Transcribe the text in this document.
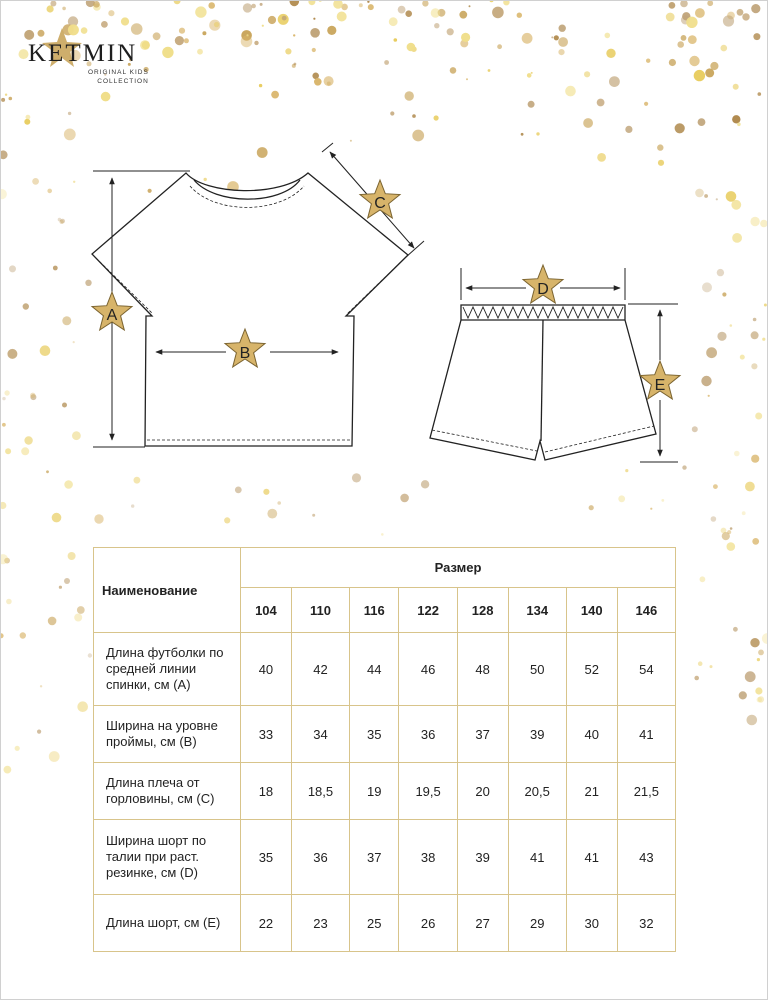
KETMIN
ORIGINAL KIDS
COLLECTION
A
B
C
D
E
Наименование	Размер							
	104	110	116	122	128	134	140	146
Длина футболки по средней линии спинки, см (А)	40	42	44	46	48	50	52	54
Ширина на уровне проймы, см (В)	33	34	35	36	37	39	40	41
Длина плеча от горловины, см (С)	18	18,5	19	19,5	20	20,5	21	21,5
Ширина шорт по талии при раст. резинке, см (D)	35	36	37	38	39	41	41	43
Длина шорт, см (Е)	22	23	25	26	27	29	30	32
